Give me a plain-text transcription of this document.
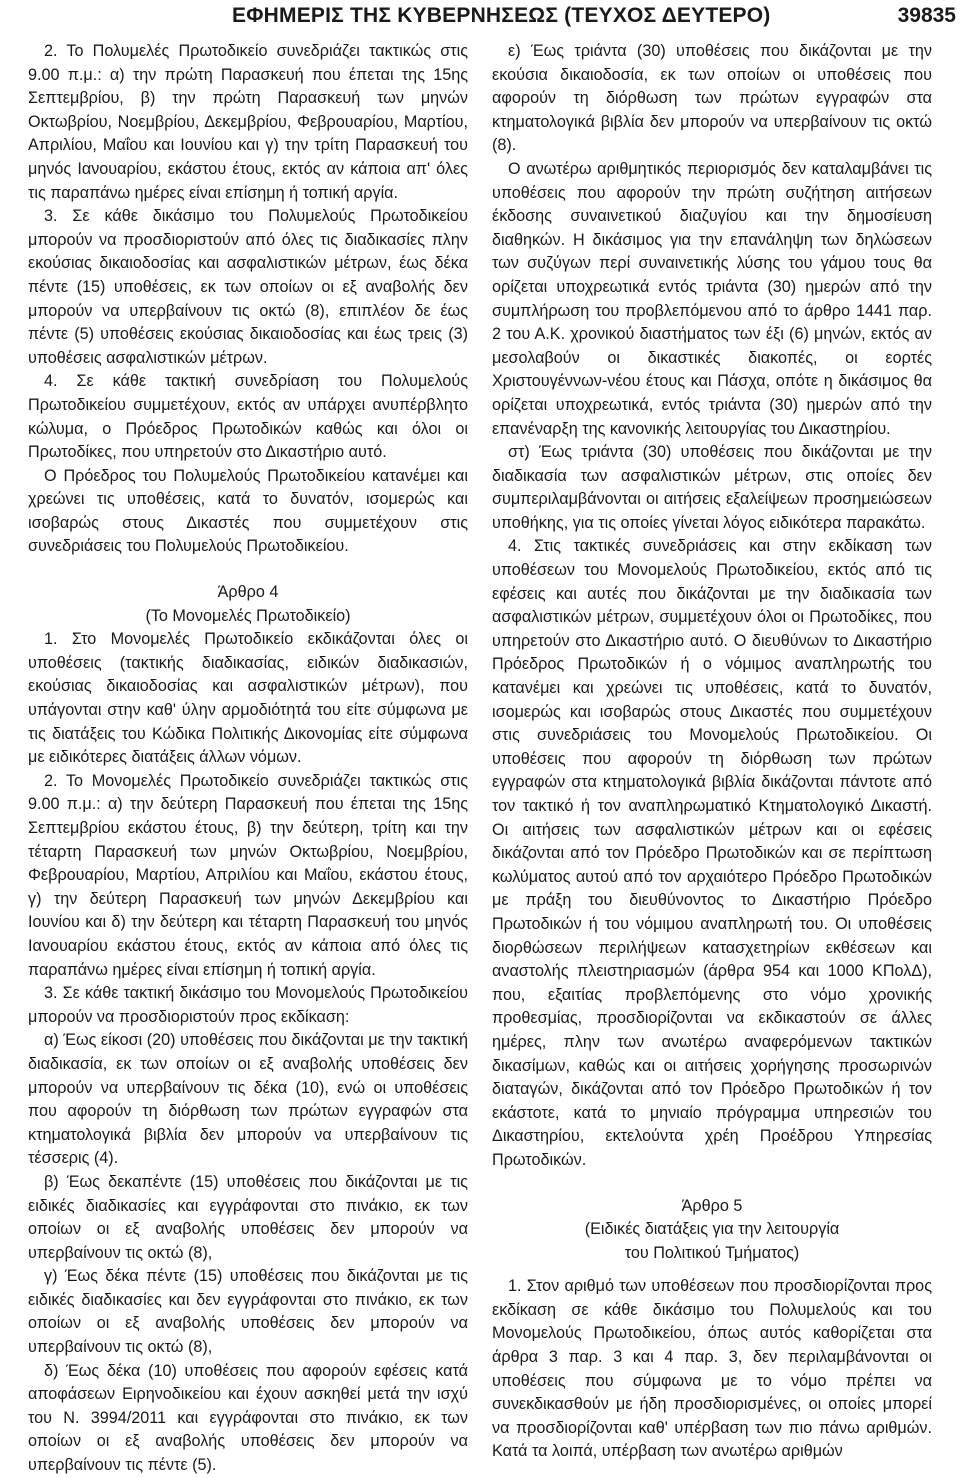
ΕΦΗΜΕΡΙΣ ΤΗΣ ΚΥΒΕΡΝΗΣΕΩΣ (ΤΕΥΧΟΣ ΔΕΥΤΕΡΟ)	39835

2. Το Πολυμελές Πρωτοδικείο συνεδριάζει τακτικώς στις 9.00 π.μ.: α) την πρώτη Παρασκευή που έπεται της 15ης Σεπτεμβρίου, β) την πρώτη Παρασκευή των μηνών Οκτωβρίου, Νοεμβρίου, Δεκεμβρίου, Φεβρουαρίου, Μαρτίου, Απριλίου, Μαΐου και Ιουνίου και γ) την τρίτη Παρασκευή του μηνός Ιανουαρίου, εκάστου έτους, εκτός αν κάποια απ' όλες τις παραπάνω ημέρες είναι επίσημη ή τοπική αργία.

3. Σε κάθε δικάσιμο του Πολυμελούς Πρωτοδικείου μπορούν να προσδιοριστούν από όλες τις διαδικασίες πλην εκούσιας δικαιοδοσίας και ασφαλιστικών μέτρων, έως δέκα πέντε (15) υποθέσεις, εκ των οποίων οι εξ αναβολής δεν μπορούν να υπερβαίνουν τις οκτώ (8), επιπλέον δε έως πέντε (5) υποθέσεις εκούσιας δικαιοδοσίας και έως τρεις (3) υποθέσεις ασφαλιστικών μέτρων.

4. Σε κάθε τακτική συνεδρίαση του Πολυμελούς Πρωτοδικείου συμμετέχουν, εκτός αν υπάρχει ανυπέρβλητο κώλυμα, ο Πρόεδρος Πρωτοδικών καθώς και όλοι οι Πρωτοδίκες, που υπηρετούν στο Δικαστήριο αυτό.

Ο Πρόεδρος του Πολυμελούς Πρωτοδικείου κατανέμει και χρεώνει τις υποθέσεις, κατά το δυνατόν, ισομερώς και ισοβαρώς στους Δικαστές που συμμετέχουν στις συνεδριάσεις του Πολυμελούς Πρωτοδικείου.

Άρθρο 4

(Το Μονομελές Πρωτοδικείο)

1. Στο Μονομελές Πρωτοδικείο εκδικάζονται όλες οι υποθέσεις (τακτικής διαδικασίας, ειδικών διαδικασιών, εκούσιας δικαιοδοσίας και ασφαλιστικών μέτρων), που υπάγονται στην καθ' ύλην αρμοδιότητά του είτε σύμφωνα με τις διατάξεις του Κώδικα Πολιτικής Δικονομίας είτε σύμφωνα με ειδικότερες διατάξεις άλλων νόμων.

2. Το Μονομελές Πρωτοδικείο συνεδριάζει τακτικώς στις 9.00 π.μ.: α) την δεύτερη Παρασκευή που έπεται της 15ης Σεπτεμβρίου εκάστου έτους, β) την δεύτερη, τρίτη και την τέταρτη Παρασκευή των μηνών Οκτωβρίου, Νοεμβρίου, Φεβρουαρίου, Μαρτίου, Απριλίου και Μαΐου, εκάστου έτους, γ) την δεύτερη Παρασκευή των μηνών Δεκεμβρίου και Ιουνίου και δ) την δεύτερη και τέταρτη Παρασκευή του μηνός Ιανουαρίου εκάστου έτους, εκτός αν κάποια από όλες τις παραπάνω ημέρες είναι επίσημη ή τοπική αργία.

3. Σε κάθε τακτική δικάσιμο του Μονομελούς Πρωτοδικείου μπορούν να προσδιοριστούν προς εκδίκαση:

α) Έως είκοσι (20) υποθέσεις που δικάζονται με την τακτική διαδικασία, εκ των οποίων οι εξ αναβολής υποθέσεις δεν μπορούν να υπερβαίνουν τις δέκα (10), ενώ οι υποθέσεις που αφορούν τη διόρθωση των πρώτων εγγραφών στα κτηματολογικά βιβλία δεν μπορούν να υπερβαίνουν τις τέσσερις (4).

β) Έως δεκαπέντε (15) υποθέσεις που δικάζονται με τις ειδικές διαδικασίες και εγγράφονται στο πινάκιο, εκ των οποίων οι εξ αναβολής υποθέσεις δεν μπορούν να υπερβαίνουν τις οκτώ (8),

γ) Έως δέκα πέντε (15) υποθέσεις που δικάζονται με τις ειδικές διαδικασίες και δεν εγγράφονται στο πινάκιο, εκ των οποίων οι εξ αναβολής υποθέσεις δεν μπορούν να υπερβαίνουν τις οκτώ (8),

δ) Έως δέκα (10) υποθέσεις που αφορούν εφέσεις κατά αποφάσεων Ειρηνοδικείου και έχουν ασκηθεί μετά την ισχύ του Ν. 3994/2011 και εγγράφονται στο πινάκιο, εκ των οποίων οι εξ αναβολής υποθέσεις δεν μπορούν να υπερβαίνουν τις πέντε (5).

ε) Έως τριάντα (30) υποθέσεις που δικάζονται με την εκούσια δικαιοδοσία, εκ των οποίων οι υποθέσεις που αφορούν τη διόρθωση των πρώτων εγγραφών στα κτηματολογικά βιβλία δεν μπορούν να υπερβαίνουν τις οκτώ (8).

Ο ανωτέρω αριθμητικός περιορισμός δεν καταλαμβάνει τις υποθέσεις που αφορούν την πρώτη συζήτηση αιτήσεων έκδοσης συναινετικού διαζυγίου και την δημοσίευση διαθηκών. Η δικάσιμος για την επανάληψη των δηλώσεων των συζύγων περί συναινετικής λύσης του γάμου τους θα ορίζεται υποχρεωτικά εντός τριάντα (30) ημερών από την συμπλήρωση του προβλεπόμενου από το άρθρο 1441 παρ. 2 του Α.Κ. χρονικού διαστήματος των έξι (6) μηνών, εκτός αν μεσολαβούν οι δικαστικές διακοπές, οι εορτές Χριστουγέννων-νέου έτους και Πάσχα, οπότε η δικάσιμος θα ορίζεται υποχρεωτικά, εντός τριάντα (30) ημερών από την επανέναρξη της κανονικής λειτουργίας του Δικαστηρίου.

στ) Έως τριάντα (30) υποθέσεις που δικάζονται με την διαδικασία των ασφαλιστικών μέτρων, στις οποίες δεν συμπεριλαμβάνονται οι αιτήσεις εξαλείψεων προσημειώσεων υποθήκης, για τις οποίες γίνεται λόγος ειδικότερα παρακάτω.

4. Στις τακτικές συνεδριάσεις και στην εκδίκαση των υποθέσεων του Μονομελούς Πρωτοδικείου, εκτός από τις εφέσεις και αυτές που δικάζονται με την διαδικασία των ασφαλιστικών μέτρων, συμμετέχουν όλοι οι Πρωτοδίκες, που υπηρετούν στο Δικαστήριο αυτό. Ο διευθύνων το Δικαστήριο Πρόεδρος Πρωτοδικών ή ο νόμιμος αναπληρωτής του κατανέμει και χρεώνει τις υποθέσεις, κατά το δυνατόν, ισομερώς και ισοβαρώς στους Δικαστές που συμμετέχουν στις συνεδριάσεις του Μονομελούς Πρωτοδικείου. Οι υποθέσεις που αφορούν τη διόρθωση των πρώτων εγγραφών στα κτηματολογικά βιβλία δικάζονται πάντοτε από τον τακτικό ή τον αναπληρωματικό Κτηματολογικό Δικαστή. Οι αιτήσεις των ασφαλιστικών μέτρων και οι εφέσεις δικάζονται από τον Πρόεδρο Πρωτοδικών και σε περίπτωση κωλύματος αυτού από τον αρχαιότερο Πρόεδρο Πρωτοδικών με πράξη του διευθύνοντος το Δικαστήριο Πρόεδρο Πρωτοδικών ή του νόμιμου αναπληρωτή του. Οι υποθέσεις διορθώσεων περιλήψεων κατασχετηρίων εκθέσεων και αναστολής πλειστηριασμών (άρθρα 954 και 1000 ΚΠολΔ), που, εξαιτίας προβλεπόμενης στο νόμο χρονικής προθεσμίας, προσδιορίζονται να εκδικαστούν σε άλλες ημέρες, πλην των ανωτέρω αναφερόμενων τακτικών δικασίμων, καθώς και οι αιτήσεις χορήγησης προσωρινών διαταγών, δικάζονται από τον Πρόεδρο Πρωτοδικών ή τον εκάστοτε, κατά το μηνιαίο πρόγραμμα υπηρεσιών του Δικαστηρίου, εκτελούντα χρέη Προέδρου Υπηρεσίας Πρωτοδικών.

Άρθρο 5

(Ειδικές διατάξεις για την λειτουργία

του Πολιτικού Τμήματος)

1. Στον αριθμό των υποθέσεων που προσδιορίζονται προς εκδίκαση σε κάθε δικάσιμο του Πολυμελούς και του Μονομελούς Πρωτοδικείου, όπως αυτός καθορίζεται στα άρθρα 3 παρ. 3 και 4 παρ. 3, δεν περιλαμβάνονται οι υποθέσεις που σύμφωνα με το νόμο πρέπει να συνεκδικασθούν με ήδη προσδιορισμένες, οι οποίες μπορεί να προσδιορίζονται καθ' υπέρβαση των πιο πάνω αριθμών. Κατά τα λοιπά, υπέρβαση των ανωτέρω αριθμών
